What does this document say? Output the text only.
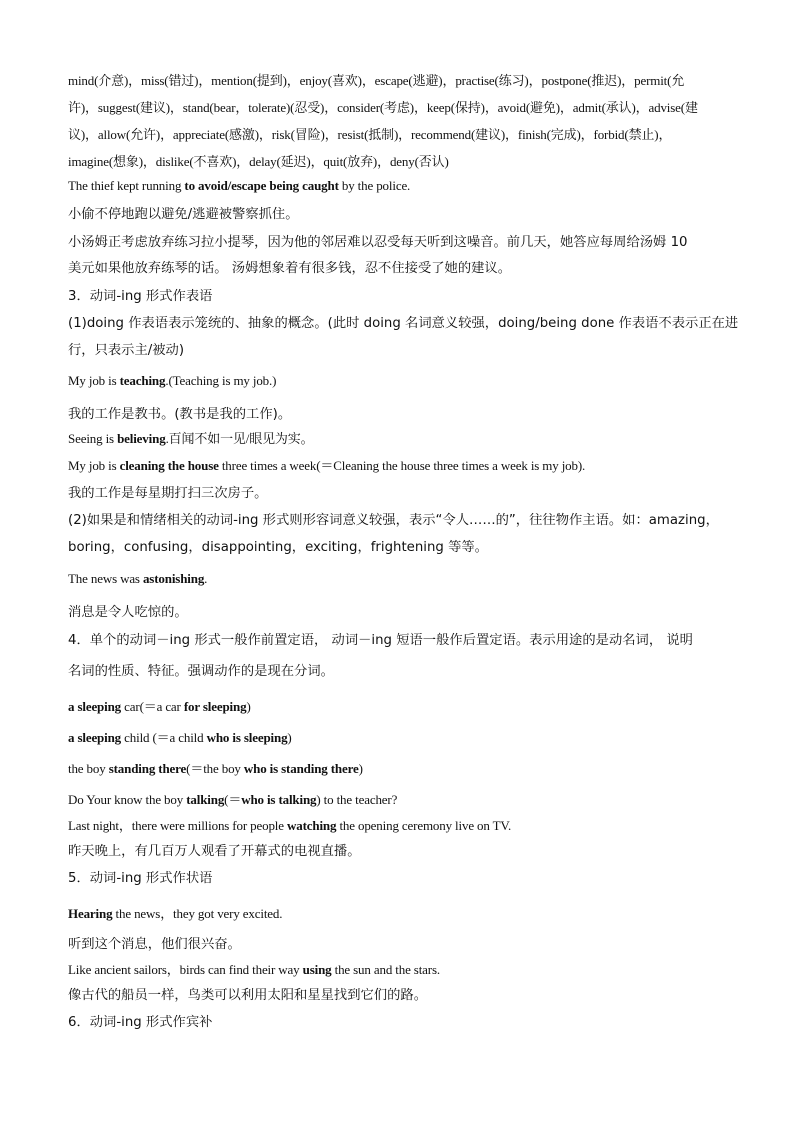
mind(介意)，miss(错过)，mention(提到)，enjoy(喜欢)，escape(逃避)，practise(练习)，postpone(推迟)，permit(允
许)，suggest(建议)，stand(bear，tolerate)(忍受)，consider(考虑)，keep(保持)，avoid(避免)，admit(承认)，advise(建
议)，allow(允许)，appreciate(感激)，risk(冒险)，resist(抵制)，recommend(建议)，finish(完成)，forbid(禁止)，
imagine(想象)，dislike(不喜欢)，delay(延迟)，quit(放弃)，deny(否认)
The thief kept running to avoid/escape being caught by the police.
小偷不停地跑以避免/逃避被警察抓住。
小汤姆正考虑放弃练习拉小提琴，因为他的邻居难以忍受每天听到这噪音。前几天，她答应每周给汤姆 10
美元如果他放弃练琴的话。 汤姆想象着有很多钱，忍不住接受了她的建议。
3．动词-ing 形式作表语
(1)doing 作表语表示笼统的、抽象的概念。(此时 doing 名词意义较强，doing/being done 作表语不表示正在进
行，只表示主/被动)
My job is teaching.(Teaching is my job.)
我的工作是教书。(教书是我的工作)。
Seeing is believing.百闻不如一见/眼见为实。
My job is cleaning the house three times a week(＝Cleaning the house three times a week is my job).
我的工作是每星期打扫三次房子。
(2)如果是和情绪相关的动词-ing 形式则形容词意义较强，表示“令人……的”，往往物作主语。如：amazing，
boring，confusing，disappointing，exciting，frightening 等等。
The news was astonishing.
消息是令人吃惊的。
4．单个的动词－ing 形式一般作前置定语， 动词－ing 短语一般作后置定语。表示用途的是动名词， 说明
名词的性质、特征。强调动作的是现在分词。
a sleeping car(＝a car for sleeping)
a sleeping child (＝a child who is sleeping)
the boy standing there(＝the boy who is standing there)
Do Your know the boy talking(＝who is talking) to the teacher?
Last night，there were millions for people watching the opening ceremony live on TV.
昨天晚上，有几百万人观看了开幕式的电视直播。
5．动词-ing 形式作状语
Hearing the news，they got very excited.
听到这个消息，他们很兴奋。
Like ancient sailors，birds can find their way using the sun and the stars.
像古代的船员一样，鸟类可以利用太阳和星星找到它们的路。
6．动词-ing 形式作宾补
